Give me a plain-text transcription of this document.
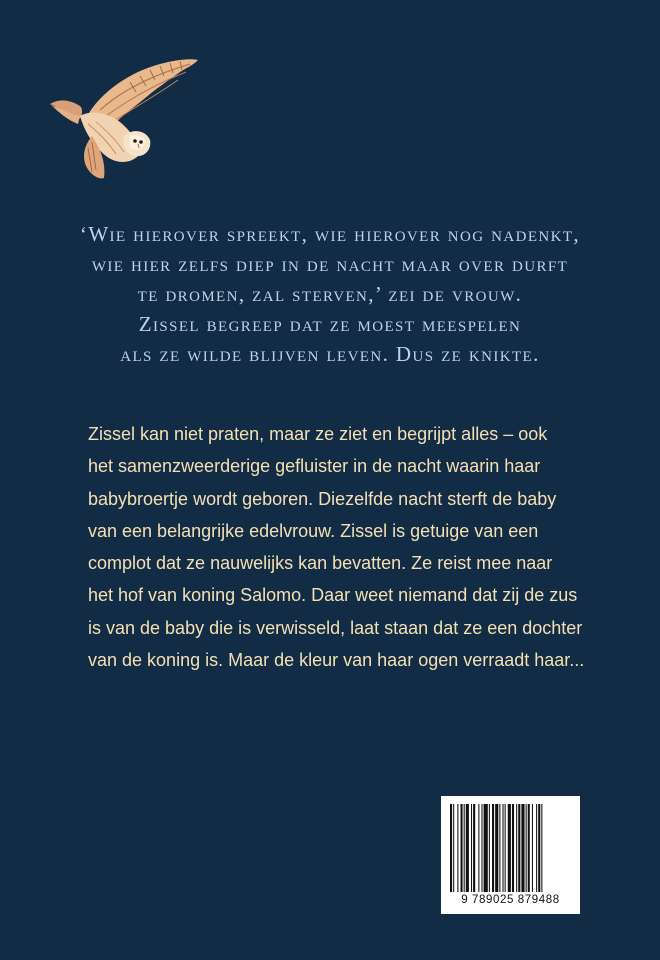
‘Wie hierover spreekt, wie hierover nog nadenkt,
wie hier zelfs diep in de nacht maar over durft
te dromen, zal sterven,’ zei de vrouw.
Zissel begreep dat ze moest meespelen
als ze wilde blijven leven. Dus ze knikte.
Zissel kan niet praten, maar ze ziet en begrijpt alles – ook
het samenzweerderige gefluister in de nacht waarin haar
babybroertje wordt geboren. Diezelfde nacht sterft de baby
van een belangrijke edelvrouw. Zissel is getuige van een
complot dat ze nauwelijks kan bevatten. Ze reist mee naar
het hof van koning Salomo. Daar weet niemand dat zij de zus
is van de baby die is verwisseld, laat staan dat ze een dochter
van de koning is. Maar de kleur van haar ogen verraadt haar...
9 789025 879488
